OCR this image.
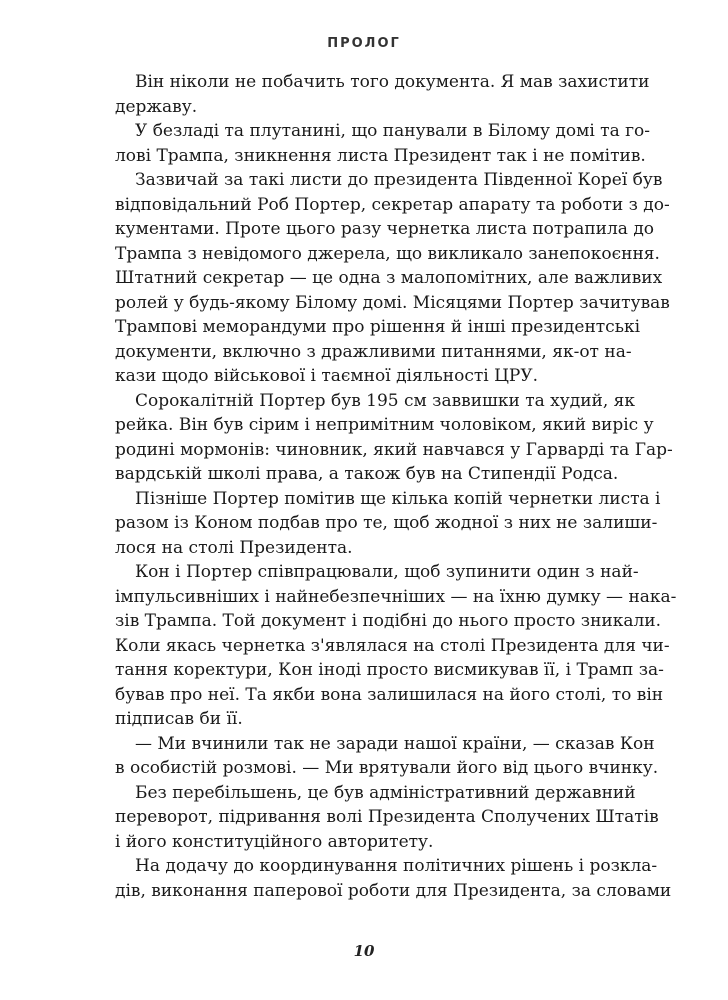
ПРОЛОГ
Він ніколи не побачить того документа. Я мав захистити
державу.
У безладі та плутанині, що панували в Білому домі та го-
лові Трампа, зникнення листа Президент так і не помітив.
Зазвичай за такі листи до президента Південної Кореї був
відповідальний Роб Портер, секретар апарату та роботи з до-
кументами. Проте цього разу чернетка листа потрапила до
Трампа з невідомого джерела, що викликало занепокоєння.
Штатний секретар — це одна з малопомітних, але важливих
ролей у будь-якому Білому домі. Місяцями Портер зачитував
Трампові меморандуми про рішення й інші президентські
документи, включно з дражливими питаннями, як-от на-
кази щодо військової і таємної діяльності ЦРУ.
Сорокалітній Портер був 195 см заввишки та худий, як
рейка. Він був сірим і непримітним чоловіком, який виріс у
родині мормонів: чиновник, який навчався у Гарварді та Гар-
вардській школі права, а також був на Стипендії Родса.
Пізніше Портер помітив ще кілька копій чернетки листа і
разом із Коном подбав про те, щоб жодної з них не залиши-
лося на столі Президента.
Кон і Портер співпрацювали, щоб зупинити один з най-
імпульсивніших і найнебезпечніших — на їхню думку — нака-
зів Трампа. Той документ і подібні до нього просто зникали.
Коли якась чернетка з'являлася на столі Президента для чи-
тання коректури, Кон іноді просто висмикував її, і Трамп за-
бував про неї. Та якби вона залишилася на його столі, то він
підписав би її.
— Ми вчинили так не заради нашої країни, — сказав Кон
в особистій розмові. — Ми врятували його від цього вчинку.
Без перебільшень, це був адміністративний державний
переворот, підривання волі Президента Сполучених Штатів
і його конституційного авторитету.
На додачу до координування політичних рішень і розкла-
дів, виконання паперової роботи для Президента, за словами
10
